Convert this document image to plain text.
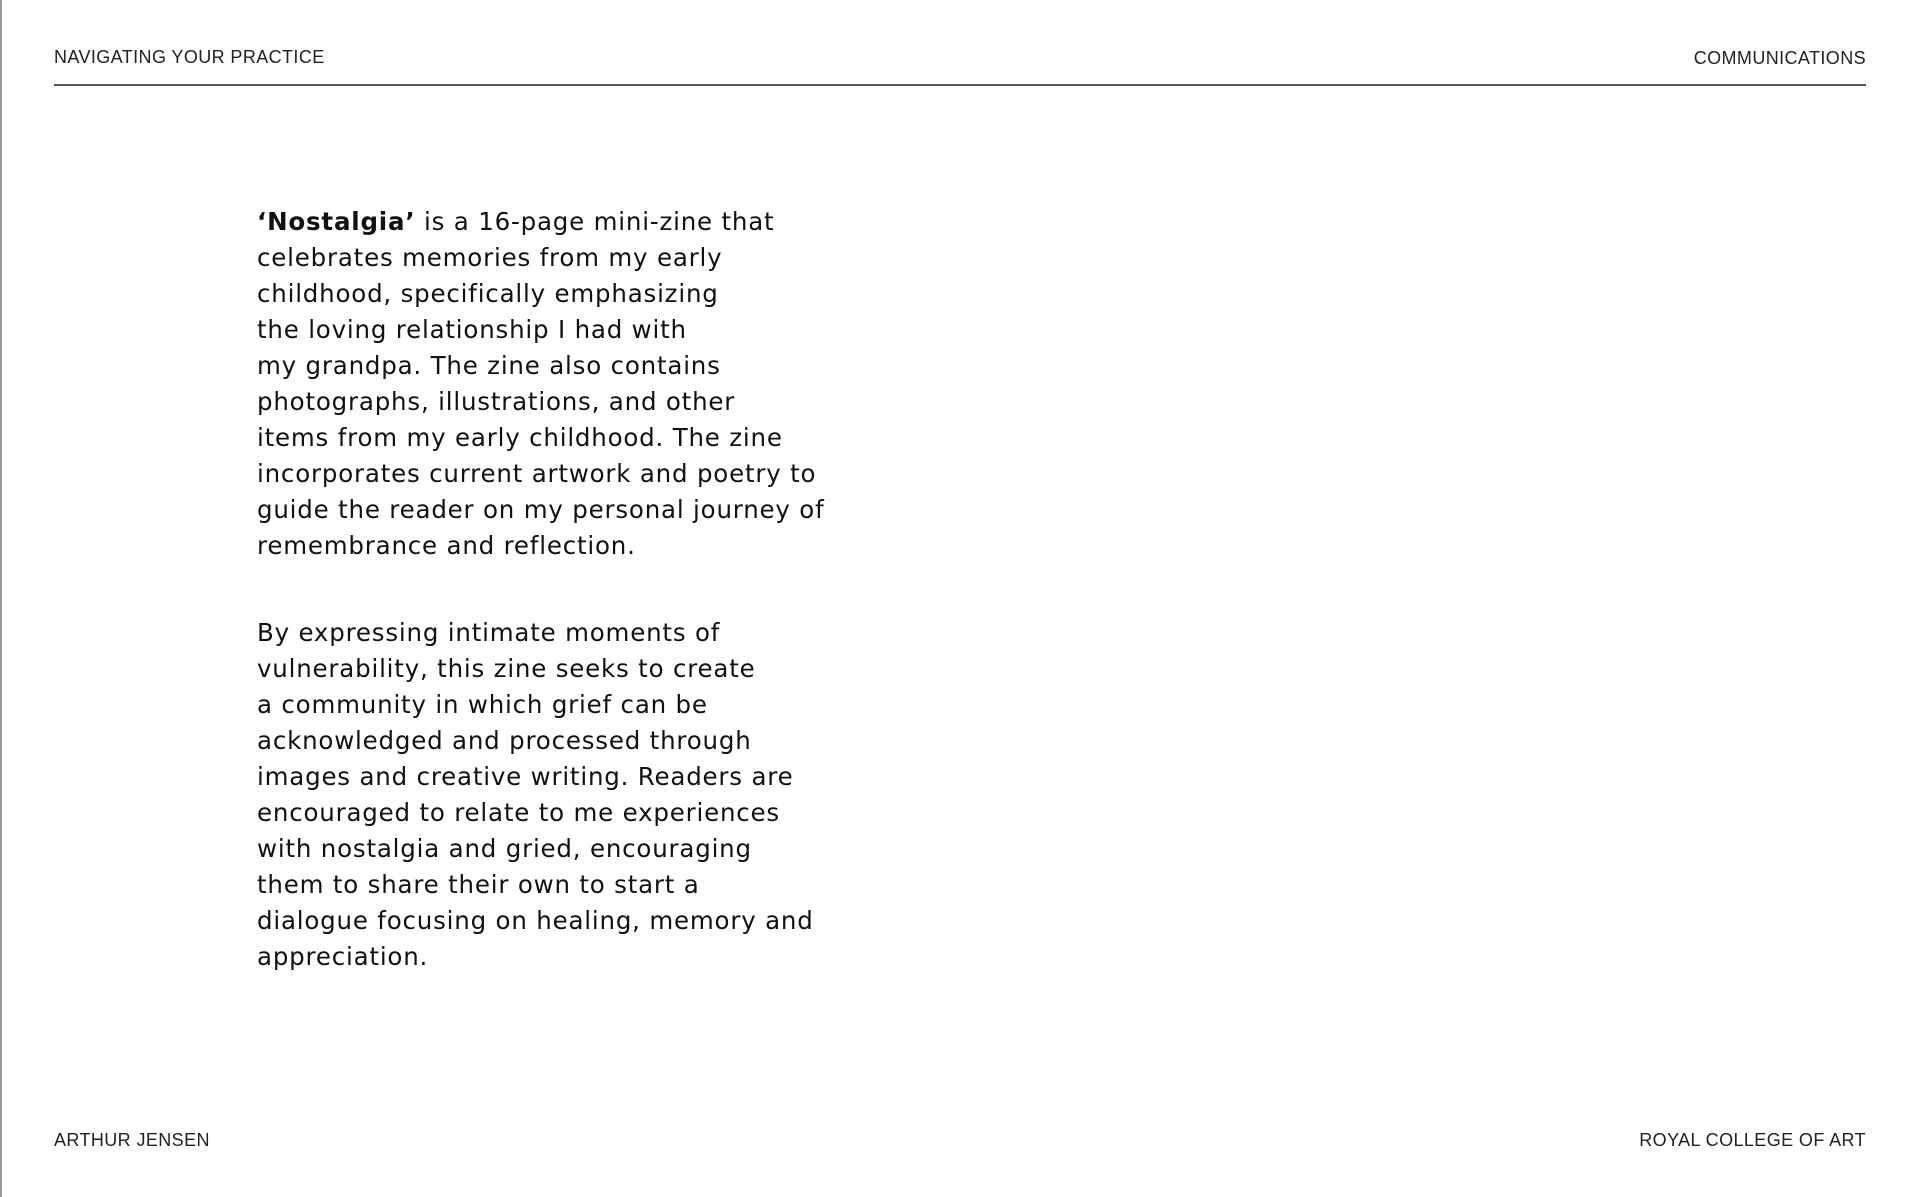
NAVIGATING YOUR PRACTICE	COMMUNICATIONS

‘Nostalgia’ is a 16-page mini-zine that
celebrates memories from my early
childhood, specifically emphasizing
the loving relationship I had with
my grandpa. The zine also contains
photographs, illustrations, and other
items from my early childhood. The zine
incorporates current artwork and poetry to
guide the reader on my personal journey of
remembrance and reflection.

By expressing intimate moments of
vulnerability, this zine seeks to create
a community in which grief can be
acknowledged and processed through
images and creative writing. Readers are
encouraged to relate to me experiences
with nostalgia and gried, encouraging
them to share their own to start a
dialogue focusing on healing, memory and
appreciation.

ARTHUR JENSEN	ROYAL COLLEGE OF ART
